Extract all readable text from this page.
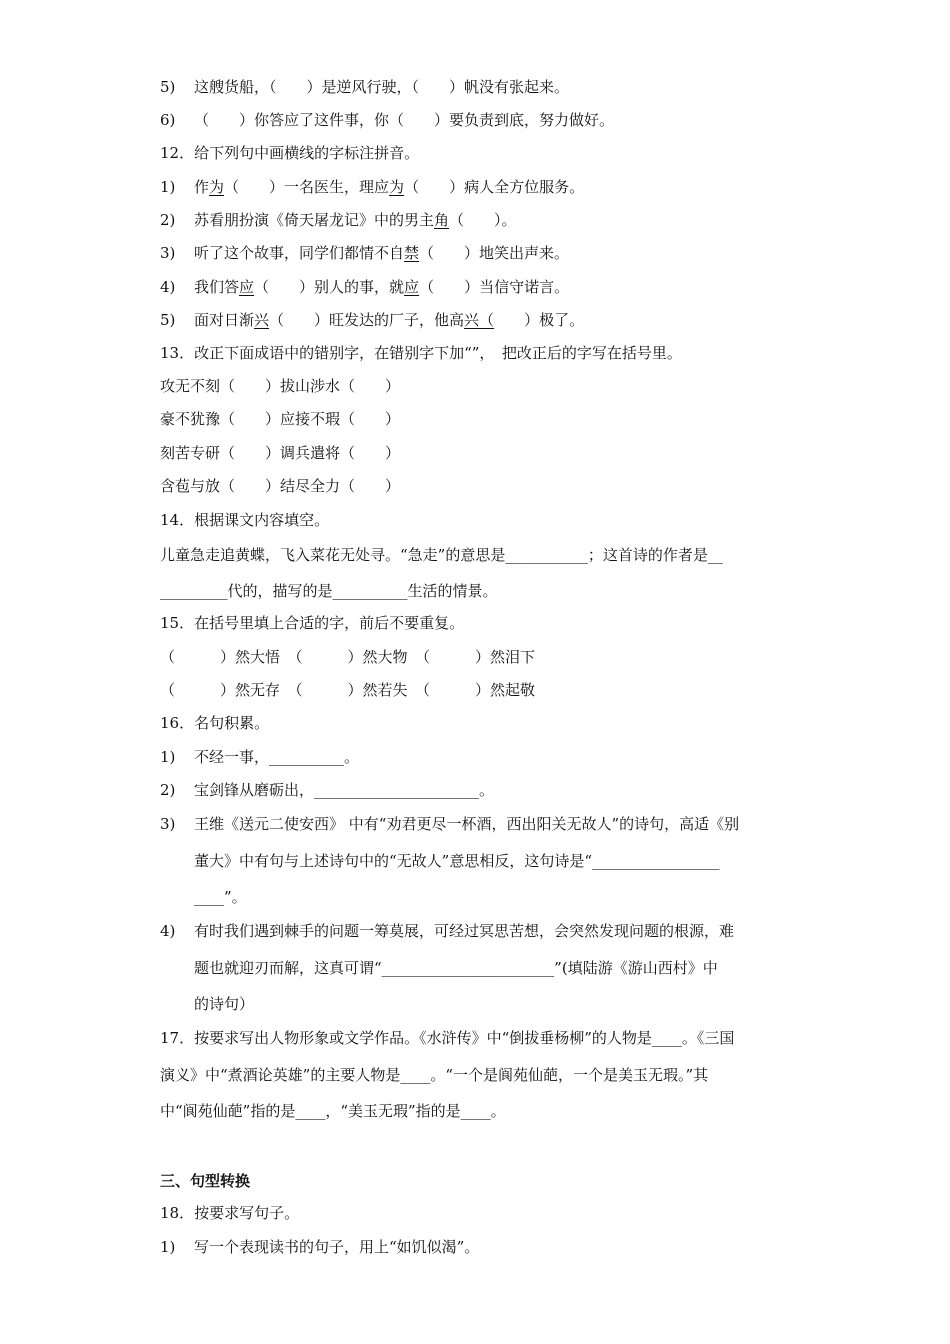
5) 这艘货船，（　　）是逆风行驶，（　　）帆没有张起来。
6) （　　）你答应了这件事，你（　　）要负责到底，努力做好。
12．给下列句中画横线的字标注拼音。
1) 作为（　　）一名医生，理应为（　　）病人全方位服务。
2) 苏看朋扮演《倚天屠龙记》中的男主角（　　）。
3) 听了这个故事，同学们都情不自禁（　　）地笑出声来。
4) 我们答应（　　）别人的事，就应（　　）当信守诺言。
5) 面对日渐兴（　　）旺发达的厂子，他高兴（　　）极了。
13．改正下面成语中的错别字，在错别字下加“”，　把改正后的字写在括号里。
攻无不刻（　　）拔山涉水（　　）
豪不犹豫（　　）应接不瑕（　　）
刻苦专研（　　）调兵遣将（　　）
含苞与放（　　）结尽全力（　　）
14．根据课文内容填空。
儿童急走追黄蝶，飞入菜花无处寻。“急走”的意思是___________；这首诗的作者是__
_________代的，描写的是__________生活的情景。
15．在括号里填上合适的字，前后不要重复。
（　　　）然大悟　（　　　）然大物　（　　　）然泪下
（　　　）然无存　（　　　）然若失　（　　　）然起敬
16．名句积累。
1) 不经一事，__________。
2) 宝剑锋从磨砺出，______________________。
3) 王维《送元二使安西》 中有“劝君更尽一杯酒，西出阳关无故人”的诗句，高适《别
董大》中有句与上述诗句中的“无故人”意思相反，这句诗是“_________________
____”。
4) 有时我们遇到棘手的问题一筹莫展，可经过冥思苦想，会突然发现问题的根源，难
题也就迎刃而解，这真可谓“_______________________”(填陆游《游山西村》中
的诗句）
17．按要求写出人物形象或文学作品。《水浒传》中“倒拔垂杨柳”的人物是____。《三国
演义》中“煮酒论英雄”的主要人物是____。“一个是阆苑仙葩，一个是美玉无瑕。”其
中“阆苑仙葩”指的是____，“美玉无瑕”指的是____。
三、句型转换
18．按要求写句子。
1) 写一个表现读书的句子，用上“如饥似渴”。
